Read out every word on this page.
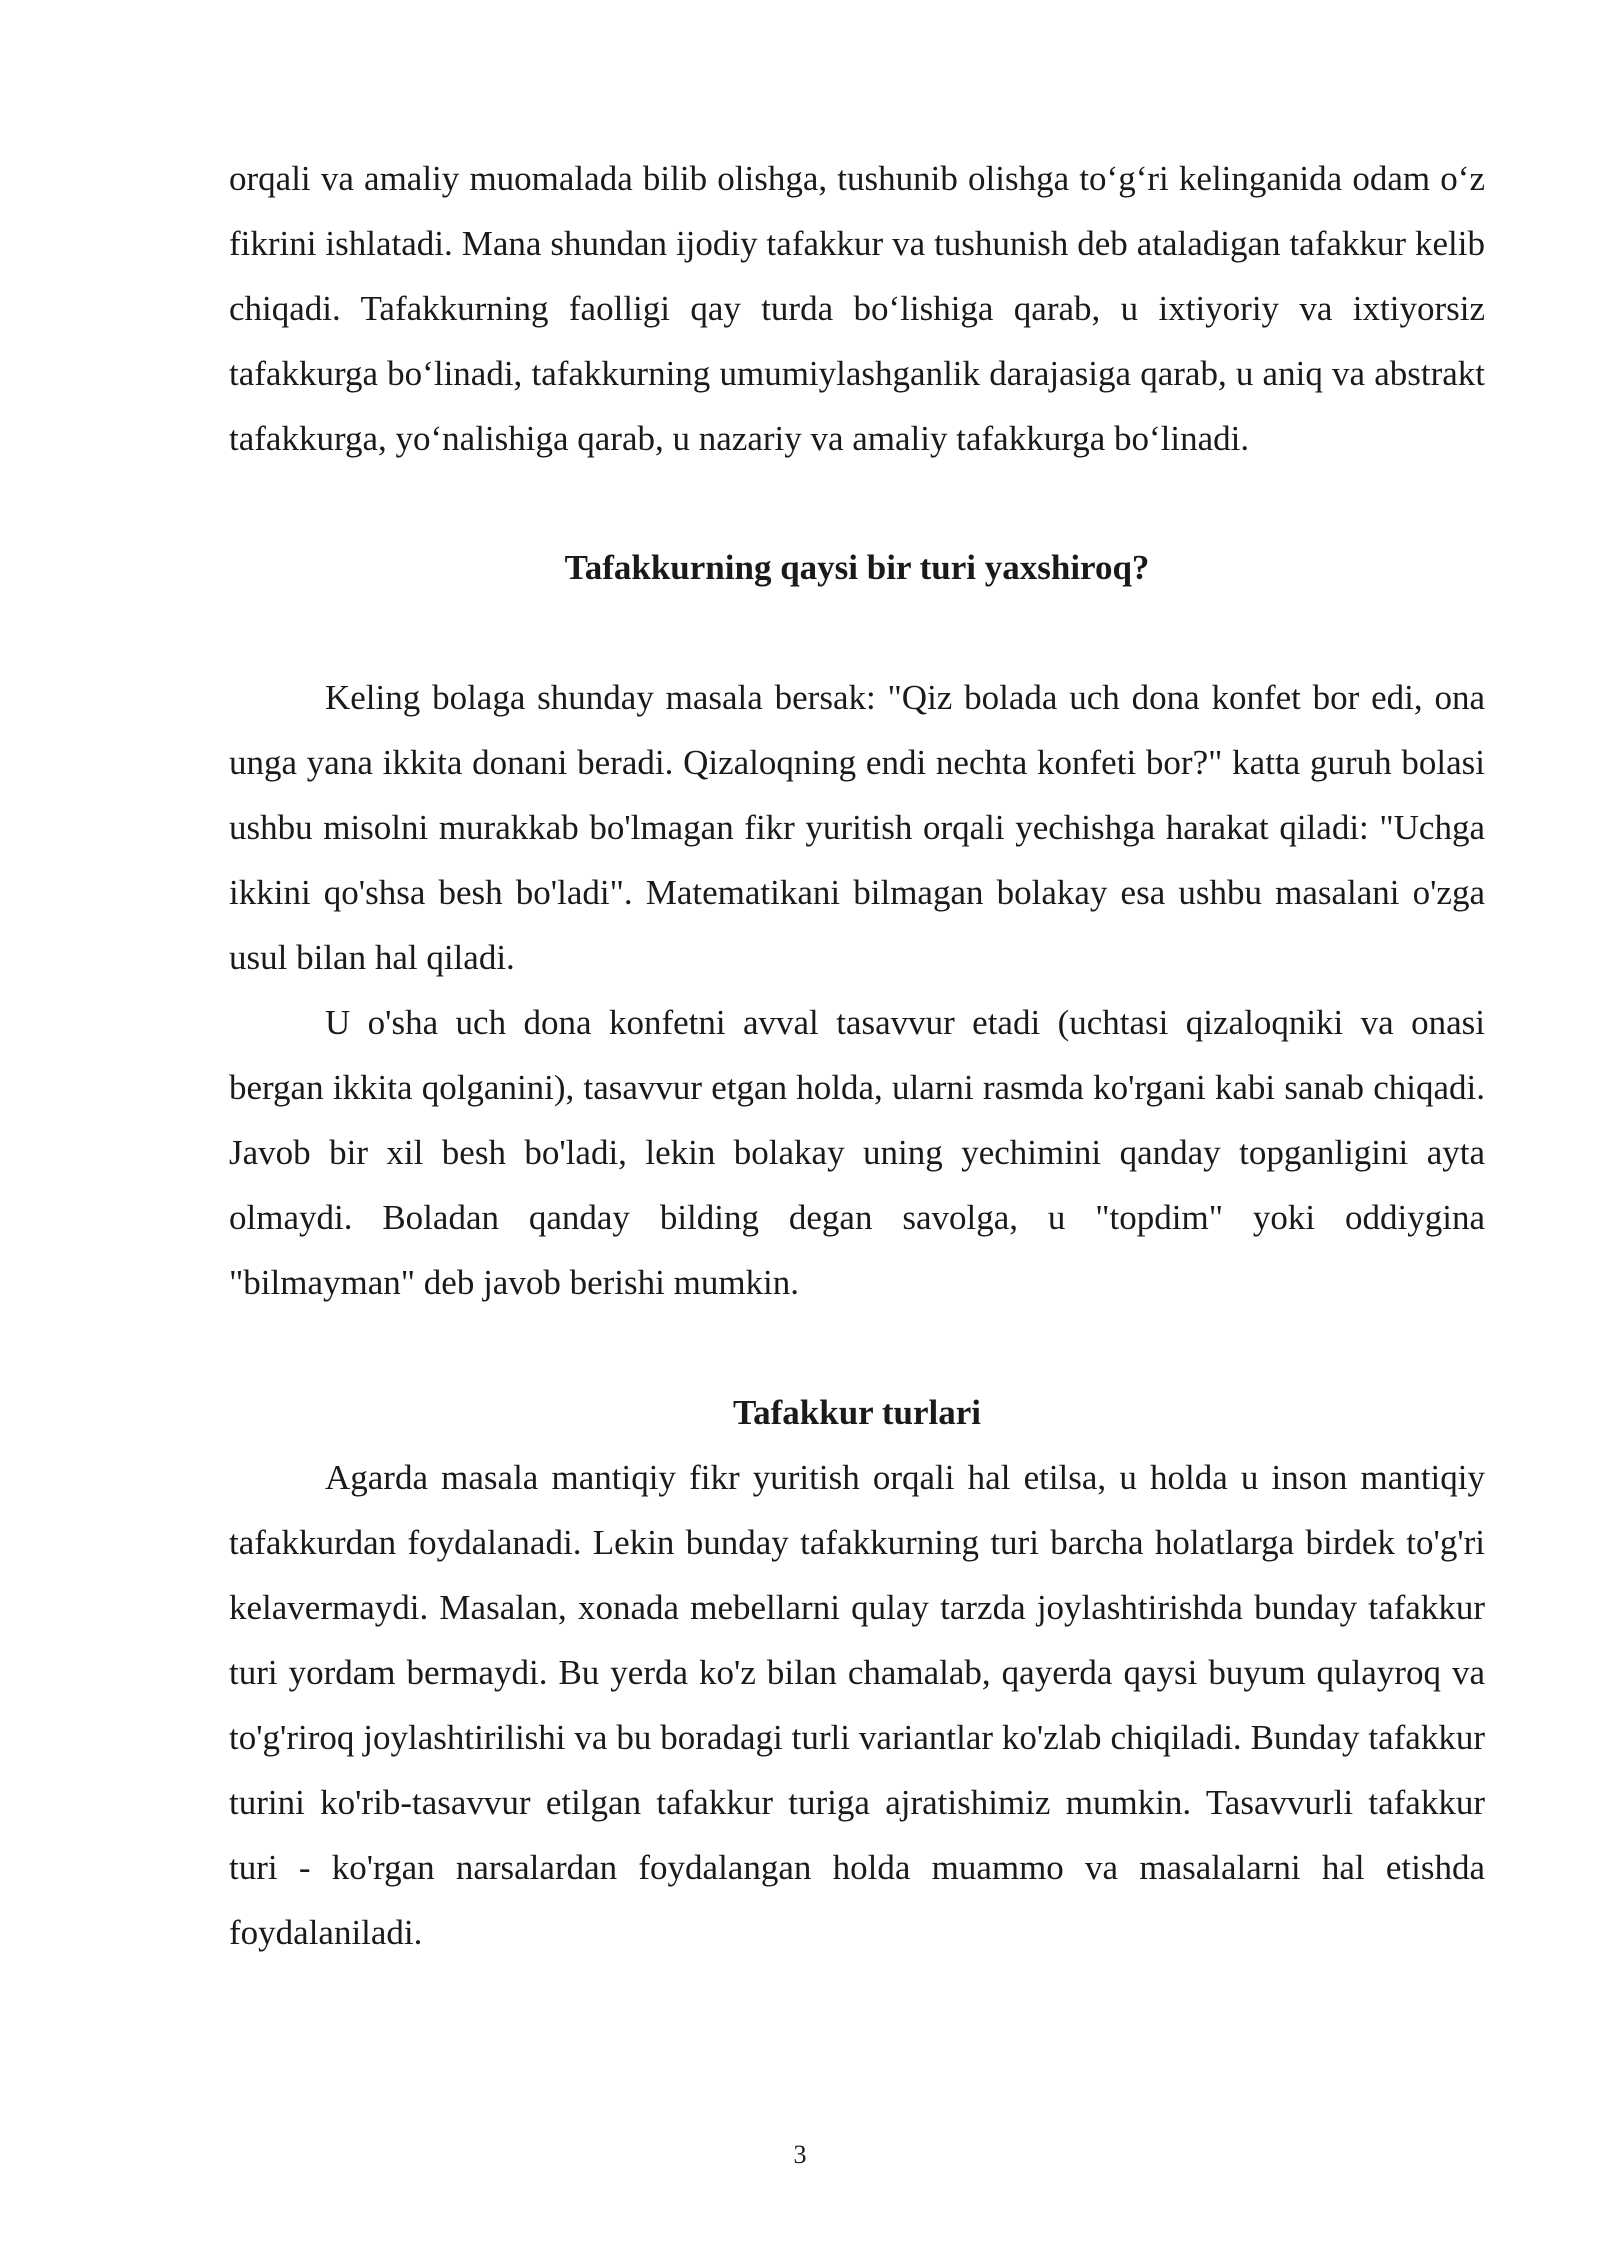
orqali va amaliy muomalada bilib olishga, tushunib olishga to‘g‘ri kelinganida odam o‘z fikrini ishlatadi. Mana shundan ijodiy tafakkur va tushunish deb ataladigan tafakkur kelib chiqadi. Tafakkurning faolligi qay turda bo‘lishiga qarab, u ixtiyoriy va ixtiyorsiz tafakkurga bo‘linadi, tafakkurning umumiylashganlik darajasiga qarab, u aniq va abstrakt tafakkurga, yo‘nalishiga qarab, u nazariy va amaliy tafakkurga bo‘linadi.

Tafakkurning qaysi bir turi yaxshiroq?

Keling bolaga shunday masala bersak: "Qiz bolada uch dona konfet bor edi, ona unga yana ikkita donani beradi. Qizaloqning endi nechta konfeti bor?" katta guruh bolasi ushbu misolni murakkab bo'lmagan fikr yuritish orqali yechishga harakat qiladi: "Uchga ikkini qo'shsa besh bo'ladi". Matematikani bilmagan bolakay esa ushbu masalani o'zga usul bilan hal qiladi.

U o'sha uch dona konfetni avval tasavvur etadi (uchtasi qizaloqniki va onasi bergan ikkita qolganini), tasavvur etgan holda, ularni rasmda ko'rgani kabi sanab chiqadi. Javob bir xil besh bo'ladi, lekin bolakay uning yechimini qanday topganligini ayta olmaydi. Boladan qanday bilding degan savolga, u "topdim" yoki oddiygina "bilmayman" deb javob berishi mumkin.

Tafakkur turlari

Agarda masala mantiqiy fikr yuritish orqali hal etilsa, u holda u inson mantiqiy tafakkurdan foydalanadi. Lekin bunday tafakkurning turi barcha holatlarga birdek to'g'ri kelavermaydi. Masalan, xonada mebellarni qulay tarzda joylashtirishda bunday tafakkur turi yordam bermaydi. Bu yerda ko'z bilan chamalab, qayerda qaysi buyum qulayroq va to'g'riroq joylashtirilishi va bu boradagi turli variantlar ko'zlab chiqiladi. Bunday tafakkur turini ko'rib-tasavvur etilgan tafakkur turiga ajratishimiz mumkin. Tasavvurli tafakkur turi - ko'rgan narsalardan foydalangan holda muammo va masalalarni hal etishda foydalaniladi.

3
